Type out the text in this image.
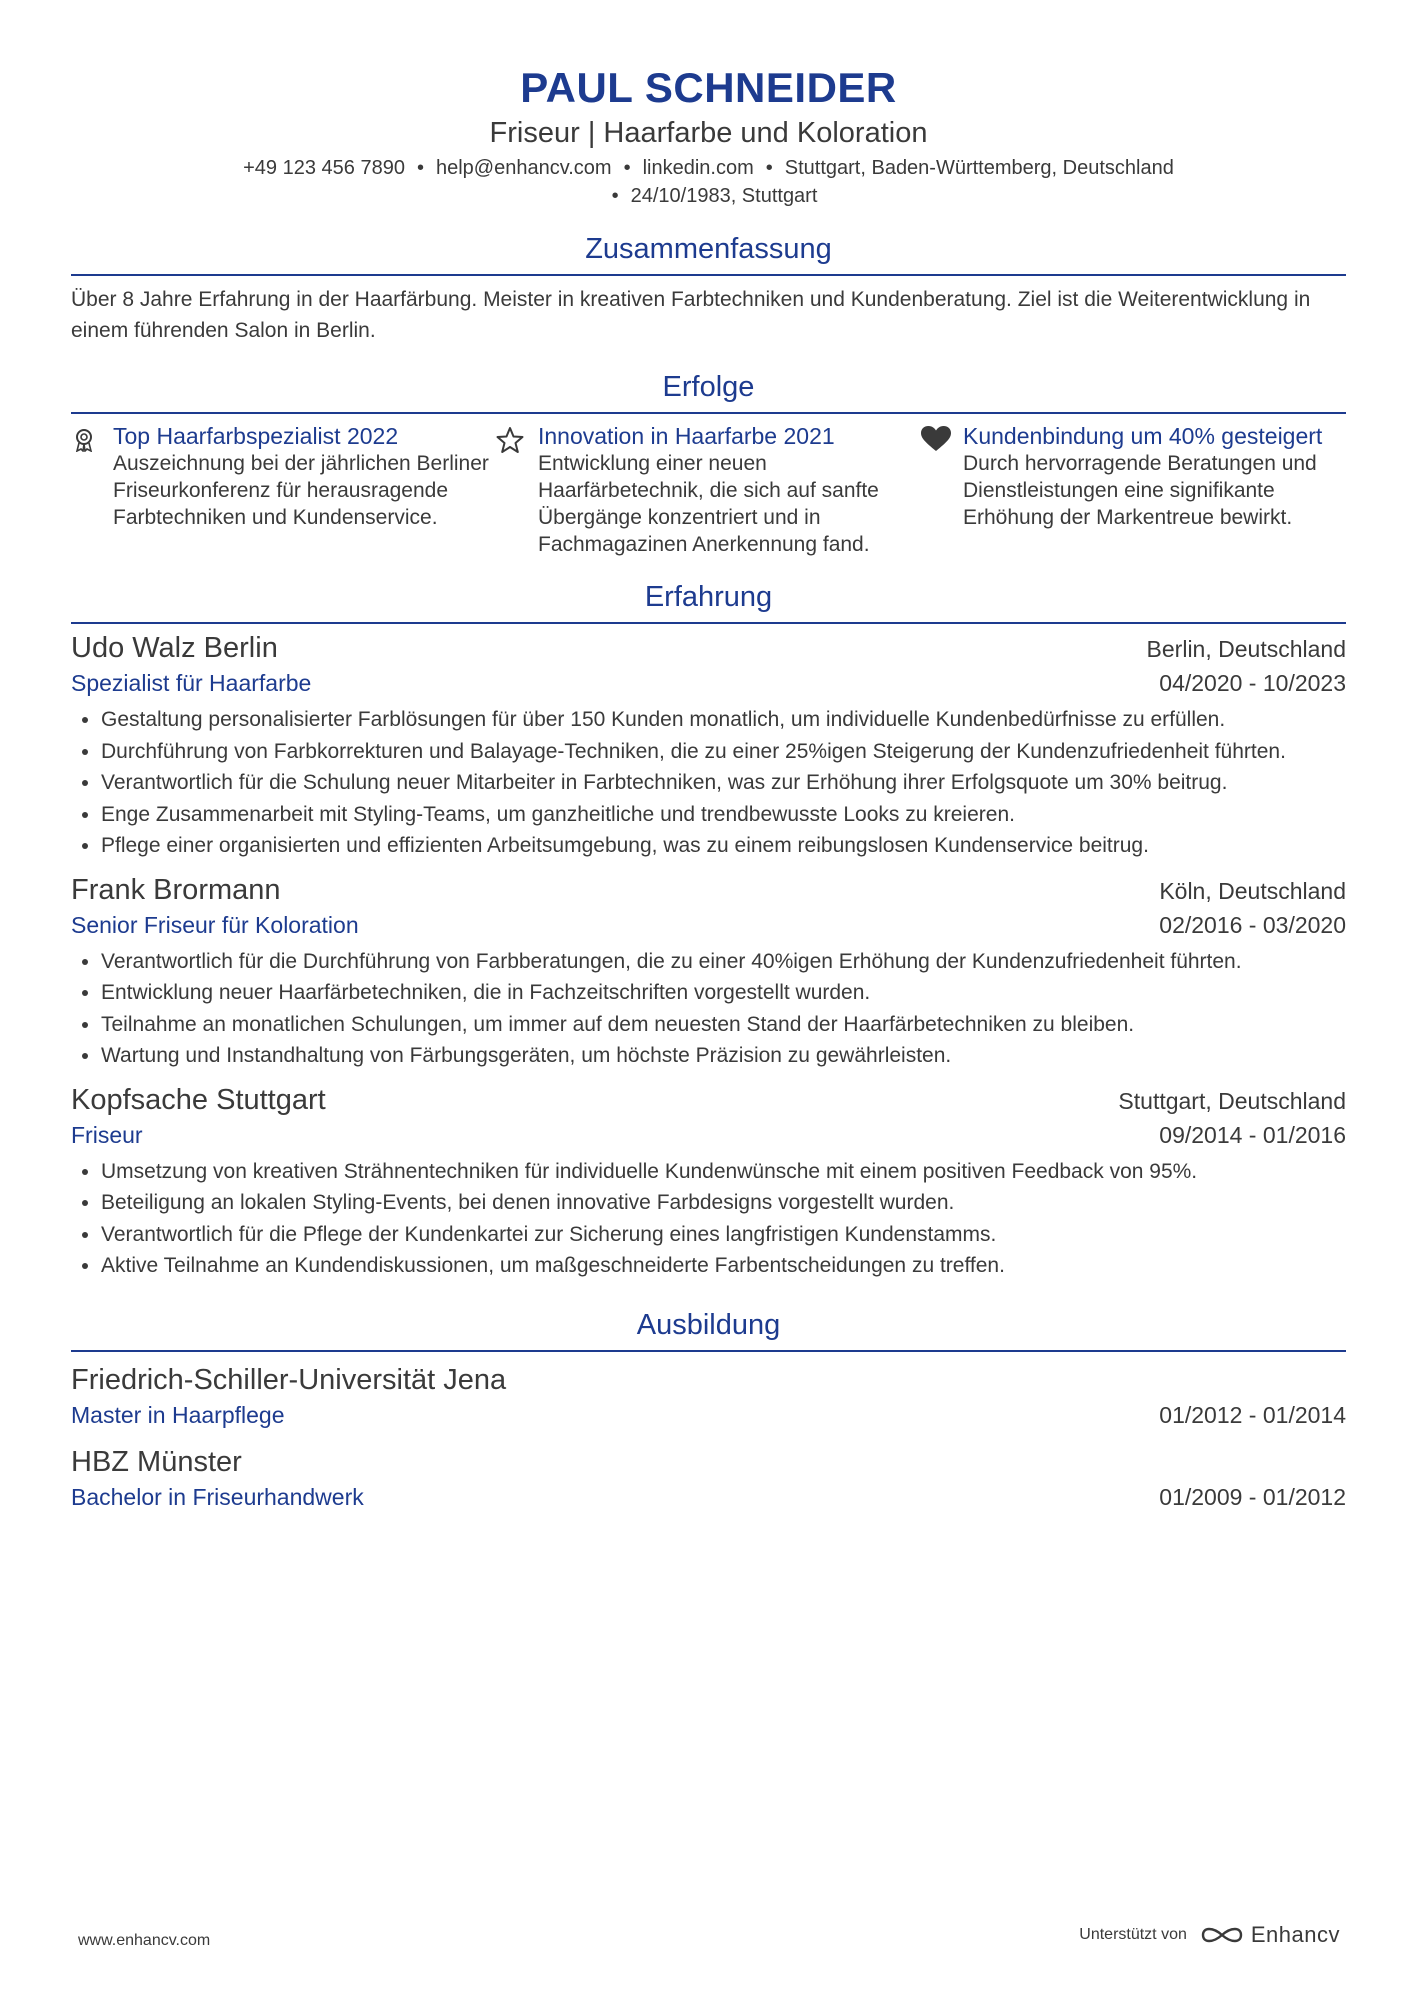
PAUL SCHNEIDER
Friseur | Haarfarbe und Koloration
+49 123 456 7890 • help@enhancv.com • linkedin.com • Stuttgart, Baden-Württemberg, Deutschland
• 24/10/1983, Stuttgart
Zusammenfassung
Über 8 Jahre Erfahrung in der Haarfärbung. Meister in kreativen Farbtechniken und Kundenberatung. Ziel ist die Weiterentwicklung in einem führenden Salon in Berlin.
Erfolge
Top Haarfarbspezialist 2022
Auszeichnung bei der jährlichen Berliner Friseurkonferenz für herausragende Farbtechniken und Kundenservice.
Innovation in Haarfarbe 2021
Entwicklung einer neuen Haarfärbetechnik, die sich auf sanfte Übergänge konzentriert und in Fachmagazinen Anerkennung fand.
Kundenbindung um 40% gesteigert
Durch hervorragende Beratungen und Dienstleistungen eine signifikante Erhöhung der Markentreue bewirkt.
Erfahrung
Udo Walz Berlin	Berlin, Deutschland
Spezialist für Haarfarbe	04/2020 - 10/2023
• Gestaltung personalisierter Farblösungen für über 150 Kunden monatlich, um individuelle Kundenbedürfnisse zu erfüllen.
• Durchführung von Farbkorrekturen und Balayage-Techniken, die zu einer 25%igen Steigerung der Kundenzufriedenheit führten.
• Verantwortlich für die Schulung neuer Mitarbeiter in Farbtechniken, was zur Erhöhung ihrer Erfolgsquote um 30% beitrug.
• Enge Zusammenarbeit mit Styling-Teams, um ganzheitliche und trendbewusste Looks zu kreieren.
• Pflege einer organisierten und effizienten Arbeitsumgebung, was zu einem reibungslosen Kundenservice beitrug.
Frank Brormann	Köln, Deutschland
Senior Friseur für Koloration	02/2016 - 03/2020
• Verantwortlich für die Durchführung von Farbberatungen, die zu einer 40%igen Erhöhung der Kundenzufriedenheit führten.
• Entwicklung neuer Haarfärbetechniken, die in Fachzeitschriften vorgestellt wurden.
• Teilnahme an monatlichen Schulungen, um immer auf dem neuesten Stand der Haarfärbetechniken zu bleiben.
• Wartung und Instandhaltung von Färbungsgeräten, um höchste Präzision zu gewährleisten.
Kopfsache Stuttgart	Stuttgart, Deutschland
Friseur	09/2014 - 01/2016
• Umsetzung von kreativen Strähnentechniken für individuelle Kundenwünsche mit einem positiven Feedback von 95%.
• Beteiligung an lokalen Styling-Events, bei denen innovative Farbdesigns vorgestellt wurden.
• Verantwortlich für die Pflege der Kundenkartei zur Sicherung eines langfristigen Kundenstamms.
• Aktive Teilnahme an Kundendiskussionen, um maßgeschneiderte Farbentscheidungen zu treffen.
Ausbildung
Friedrich-Schiller-Universität Jena
Master in Haarpflege	01/2012 - 01/2014
HBZ Münster
Bachelor in Friseurhandwerk	01/2009 - 01/2012
www.enhancv.com	Unterstützt von	Enhancv
